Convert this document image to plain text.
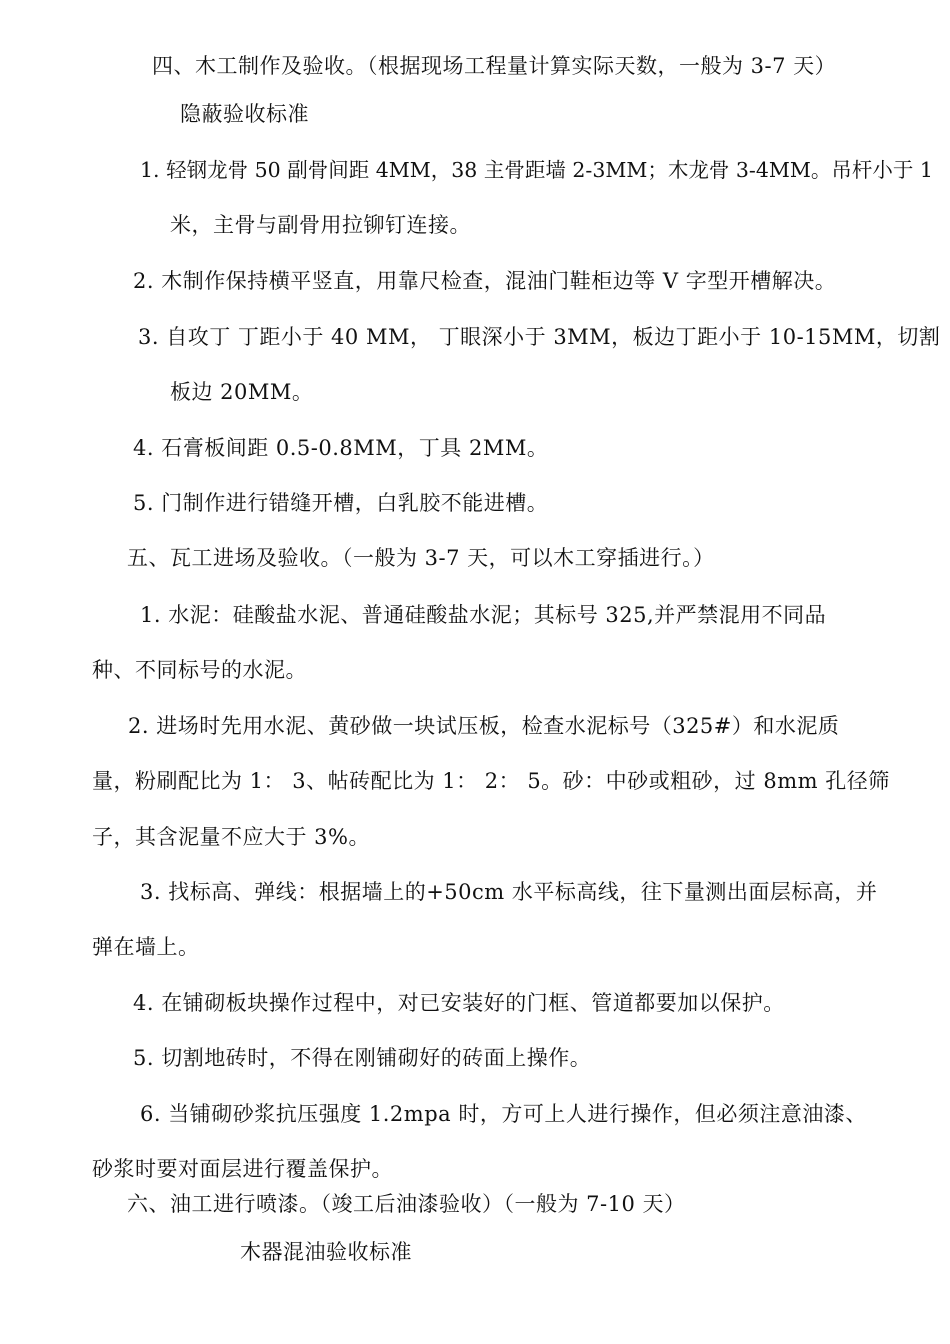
四、木工制作及验收。（根据现场工程量计算实际天数，一般为 3-7 天）
隐蔽验收标准
1. 轻钢龙骨 50 副骨间距 4MM，38 主骨距墙 2-3MM；木龙骨 3-4MM。吊杆小于 1
米，主骨与副骨用拉铆钉连接。
2. 木制作保持横平竖直，用靠尺检查，混油门鞋柜边等 V 字型开槽解决。
3. 自攻丁 丁距小于 40 MM， 丁眼深小于 3MM，板边丁距小于 10-15MM，切割
板边 20MM。
4. 石膏板间距 0.5-0.8MM，丁具 2MM。
5. 门制作进行错缝开槽，白乳胶不能进槽。
五、瓦工进场及验收。（一般为 3-7 天，可以木工穿插进行。）
1. 水泥：硅酸盐水泥、普通硅酸盐水泥；其标号 325,并严禁混用不同品
种、不同标号的水泥。
2. 进场时先用水泥、黄砂做一块试压板，检查水泥标号（325#）和水泥质
量，粉刷配比为 1： 3、帖砖配比为 1： 2： 5。砂：中砂或粗砂，过 8mm 孔径筛
子，其含泥量不应大于 3%。
3. 找标高、弹线：根据墙上的+50cm 水平标高线，往下量测出面层标高，并
弹在墙上。
4. 在铺砌板块操作过程中，对已安装好的门框、管道都要加以保护。
5. 切割地砖时，不得在刚铺砌好的砖面上操作。
6. 当铺砌砂浆抗压强度 1.2mpa 时，方可上人进行操作，但必须注意油漆、
砂浆时要对面层进行覆盖保护。
六、油工进行喷漆。（竣工后油漆验收）（一般为 7-10 天）
木器混油验收标准
